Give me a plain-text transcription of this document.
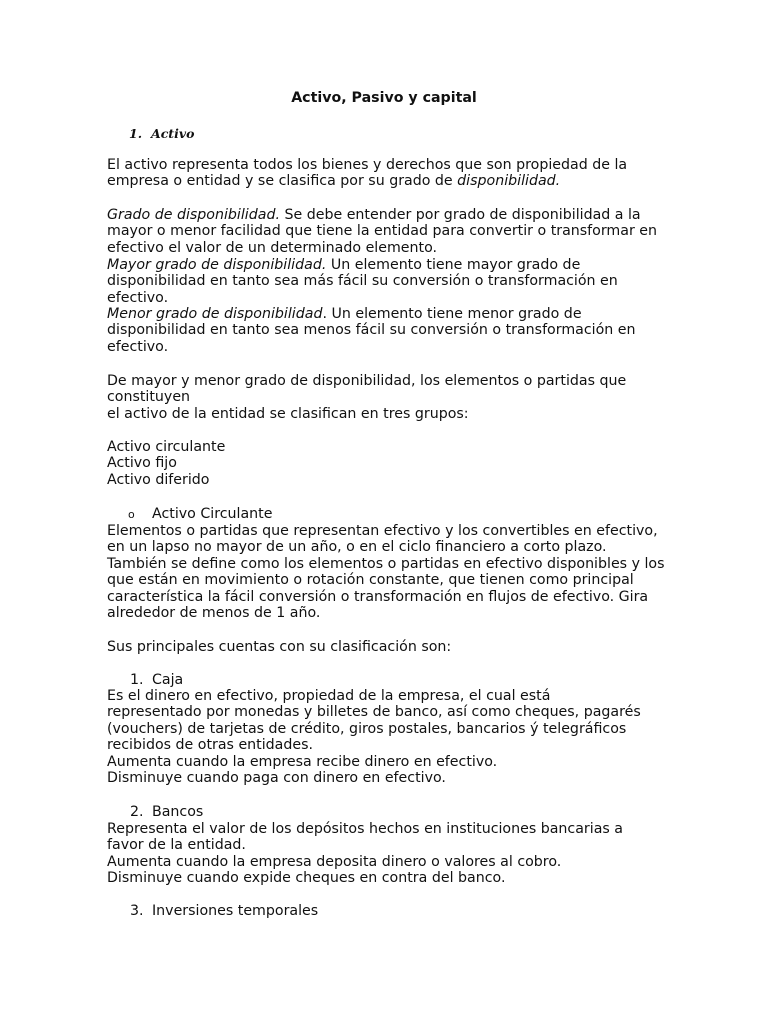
Activo, Pasivo y capital
1. Activo

El activo representa todos los bienes y derechos que son propiedad de la empresa o entidad y se clasifica por su grado de disponibilidad.

Grado de disponibilidad. Se debe entender por grado de disponibilidad a la mayor o menor facilidad que tiene la entidad para convertir o transformar en efectivo el valor de un determinado elemento.

Mayor grado de disponibilidad. Un elemento tiene mayor grado de disponibilidad en tanto sea más fácil su conversión o transformación en efectivo.

Menor grado de disponibilidad. Un elemento tiene menor grado de disponibilidad en tanto sea menos fácil su conversión o transformación en efectivo.

De mayor y menor grado de disponibilidad, los elementos o partidas que constituyen

el activo de la entidad se clasifican en tres grupos:

Activo circulante

Activo fijo

Activo diferido

o Activo Circulante

Elementos o partidas que representan efectivo y los convertibles en efectivo, en un lapso no mayor de un año, o en el ciclo financiero a corto plazo. También se define como los elementos o partidas en efectivo disponibles y los que están en movimiento o rotación constante, que tienen como principal característica la fácil conversión o transformación en flujos de efectivo. Gira alrededor de menos de 1 año.

Sus principales cuentas con su clasificación son:

1. Caja

Es el dinero en efectivo, propiedad de la empresa, el cual está representado por monedas y billetes de banco, así como cheques, pagarés (vouchers) de tarjetas de crédito, giros postales, bancarios ý telegráficos recibidos de otras entidades.

Aumenta cuando la empresa recibe dinero en efectivo.

Disminuye cuando paga con dinero en efectivo.

2. Bancos

Representa el valor de los depósitos hechos en instituciones bancarias a favor de la entidad.

Aumenta cuando la empresa deposita dinero o valores al cobro.

Disminuye cuando expide cheques en contra del banco.

3. Inversiones temporales
